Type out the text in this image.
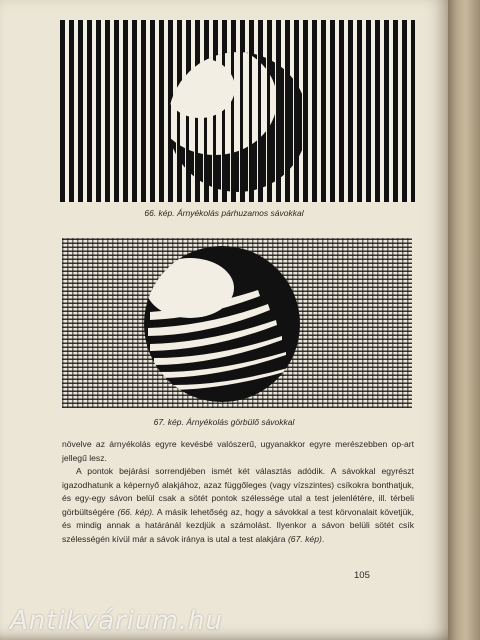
66. kép. Árnyékolás párhuzamos sávokkal
67. kép. Árnyékolás görbülő sávokkal

növelve az árnyékolás egyre kevésbé valószerű, ugyanakkor egyre merészebben op-art jellegű lesz.

A pontok bejárási sorrendjében ismét két választás adódik. A sávokkal egyrészt igazodhatunk a képernyő alakjához, azaz függőleges (vagy vízszintes) csíkokra bonthatjuk, és egy-egy sávon belül csak a sötét pontok szélessége utal a test jelenlétére, ill. térbeli görbültségére (66. kép). A másik lehetőség az, hogy a sávokkal a test körvonalait követjük, és mindig annak a határánál kezdjük a számolást. Ilyenkor a sávon belüli sötét csík szélességén kívül már a sávok iránya is utal a test alakjára (67. kép).

105
Antikvárium.hu
